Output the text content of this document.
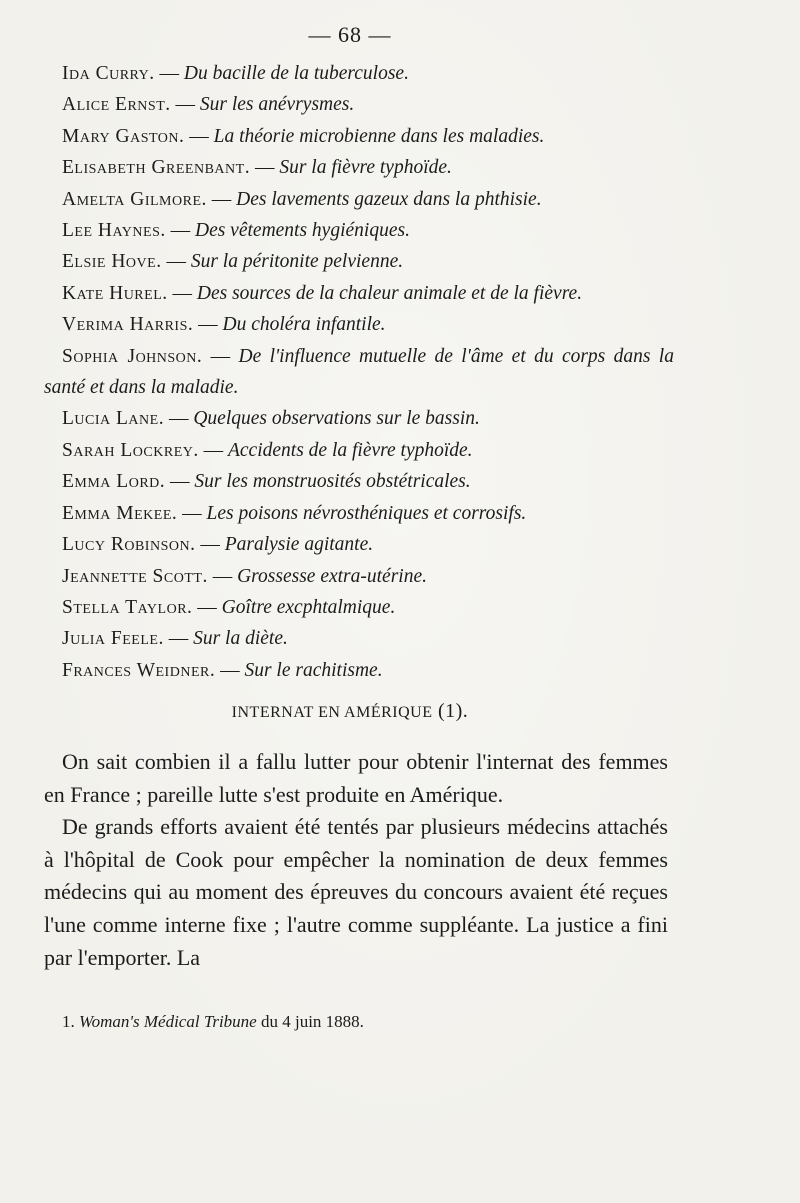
— 68 —

Ida Curry. — Du bacille de la tuberculose.

Alice Ernst. — Sur les anévrysmes.

Mary Gaston. — La théorie microbienne dans les maladies.

Elisabeth Greenbant. — Sur la fièvre typhoïde.

Amelta Gilmore. — Des lavements gazeux dans la phthisie.

Lee Haynes. — Des vêtements hygiéniques.

Elsie Hove. — Sur la péritonite pelvienne.

Kate Hurel. — Des sources de la chaleur animale et de la fièvre.

Verima Harris. — Du choléra infantile.

Sophia Johnson. — De l'influence mutuelle de l'âme et du corps dans la santé et dans la maladie.

Lucia Lane. — Quelques observations sur le bassin.

Sarah Lockrey. — Accidents de la fièvre typhoïde.

Emma Lord. — Sur les monstruosités obstétricales.

Emma Mekee. — Les poisons névrosthéniques et corrosifs.

Lucy Robinson. — Paralysie agitante.

Jeannette Scott. — Grossesse extra-utérine.

Stella Taylor. — Goître excphtalmique.

Julia Feele. — Sur la diète.

Frances Weidner. — Sur le rachitisme.

INTERNAT EN AMÉRIQUE (1).

On sait combien il a fallu lutter pour obtenir l'internat des femmes en France ; pareille lutte s'est produite en Amérique.

De grands efforts avaient été tentés par plusieurs médecins attachés à l'hôpital de Cook pour empêcher la nomination de deux femmes médecins qui au moment des épreuves du concours avaient été reçues l'une comme interne fixe ; l'autre comme suppléante. La justice a fini par l'emporter. La

1. Woman's Médical Tribune du 4 juin 1888.
